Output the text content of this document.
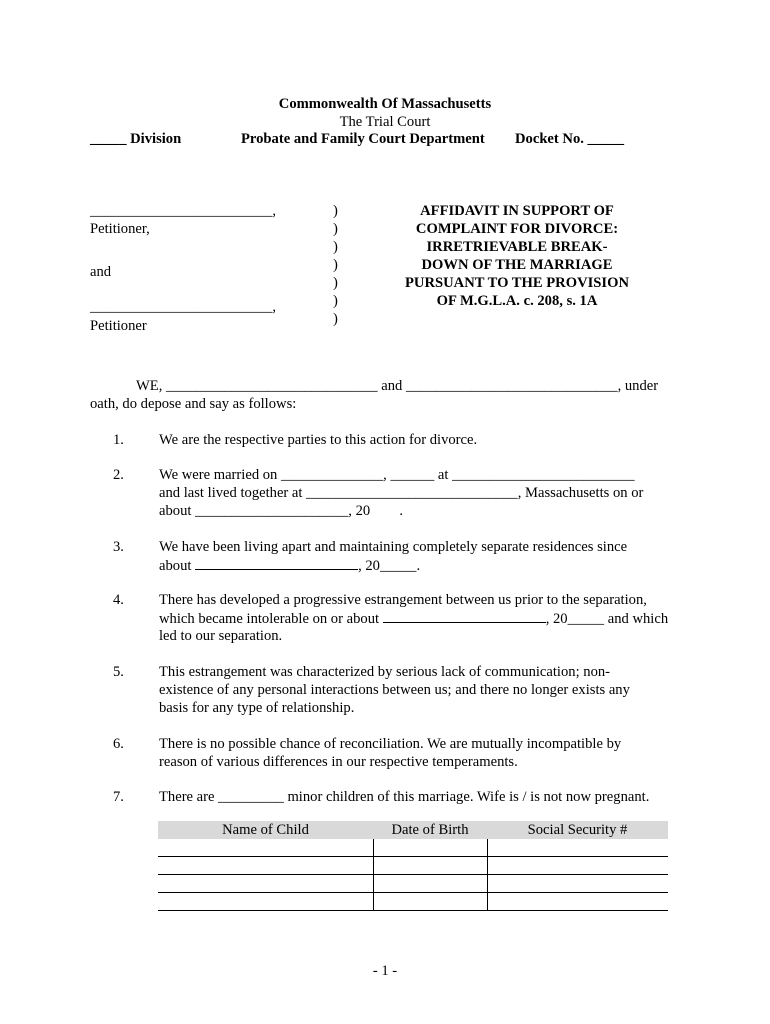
Commonwealth Of Massachusetts
The Trial Court
_____ Division	Probate and Family Court Department Docket No. _____
_________________________,
Petitioner,
and
_________________________,
Petitioner
)
)
)
)
)
)
)
AFFIDAVIT IN SUPPORT OF
COMPLAINT FOR DIVORCE:
IRRETRIEVABLE BREAK-
DOWN OF THE MARRIAGE
PURSUANT TO THE PROVISION
OF M.G.L.A. c. 208, s. 1A
WE, _____________________________ and _____________________________, under
oath, do depose and say as follows:
1. We are the respective parties to this action for divorce.
2. We were married on ______________, ______ at _________________________
and last lived together at _____________________________, Massachusetts on or
about _____________________, 20        .
3. We have been living apart and maintaining completely separate residences since
about	, 20_____.
4. There has developed a progressive estrangement between us prior to the separation,
which became intolerable on or about	, 20_____ and which
led to our separation.
5. This estrangement was characterized by serious lack of communication; non-
existence of any personal interactions between us; and there no longer exists any
basis for any type of relationship.
6. There is no possible chance of reconciliation. We are mutually incompatible by
reason of various differences in our respective temperaments.
7. There are _________ minor children of this marriage. Wife is / is not now pregnant.
Name of Child	Date of Birth	Social Security #

- 1 -
